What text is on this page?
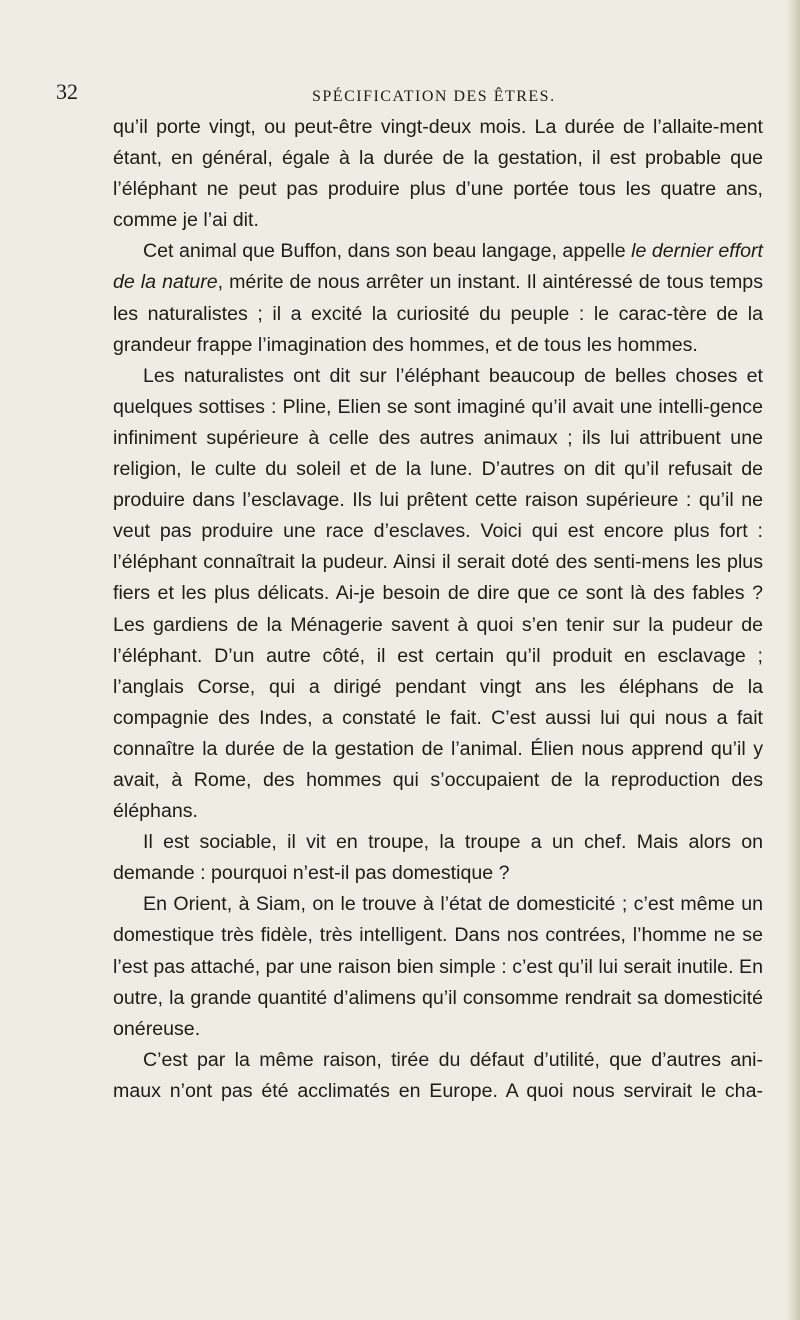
32	SPÉCIFICATION DES ÊTRES.

qu’il porte vingt, ou peut-être vingt-deux mois. La durée de l’allaite-ment étant, en général, égale à la durée de la gestation, il est probable que l’éléphant ne peut pas produire plus d’une portée tous les quatre ans, comme je l’ai dit.

Cet animal que Buffon, dans son beau langage, appelle le dernier effort de la nature, mérite de nous arrêter un instant. Il aintéressé de tous temps les naturalistes ; il a excité la curiosité du peuple : le carac-tère de la grandeur frappe l’imagination des hommes, et de tous les hommes.

Les naturalistes ont dit sur l’éléphant beaucoup de belles choses et quelques sottises : Pline, Elien se sont imaginé qu’il avait une intelli-gence infiniment supérieure à celle des autres animaux ; ils lui attribuent une religion, le culte du soleil et de la lune. D’autres on dit qu’il refusait de produire dans l’esclavage. Ils lui prêtent cette raison supérieure : qu’il ne veut pas produire une race d’esclaves. Voici qui est encore plus fort : l’éléphant connaîtrait la pudeur. Ainsi il serait doté des senti-mens les plus fiers et les plus délicats. Ai-je besoin de dire que ce sont là des fables ? Les gardiens de la Ménagerie savent à quoi s’en tenir sur la pudeur de l’éléphant. D’un autre côté, il est certain qu’il produit en esclavage ; l’anglais Corse, qui a dirigé pendant vingt ans les éléphans de la compagnie des Indes, a constaté le fait. C’est aussi lui qui nous a fait connaître la durée de la gestation de l’animal. Élien nous apprend qu’il y avait, à Rome, des hommes qui s’occupaient de la reproduction des éléphans.

Il est sociable, il vit en troupe, la troupe a un chef. Mais alors on demande : pourquoi n’est-il pas domestique ?

En Orient, à Siam, on le trouve à l’état de domesticité ; c’est même un domestique très fidèle, très intelligent. Dans nos contrées, l’homme ne se l’est pas attaché, par une raison bien simple : c’est qu’il lui serait inutile. En outre, la grande quantité d’alimens qu’il consomme rendrait sa domesticité onéreuse.

C’est par la même raison, tirée du défaut d’utilité, que d’autres ani-maux n’ont pas été acclimatés en Europe. A quoi nous servirait le cha-
